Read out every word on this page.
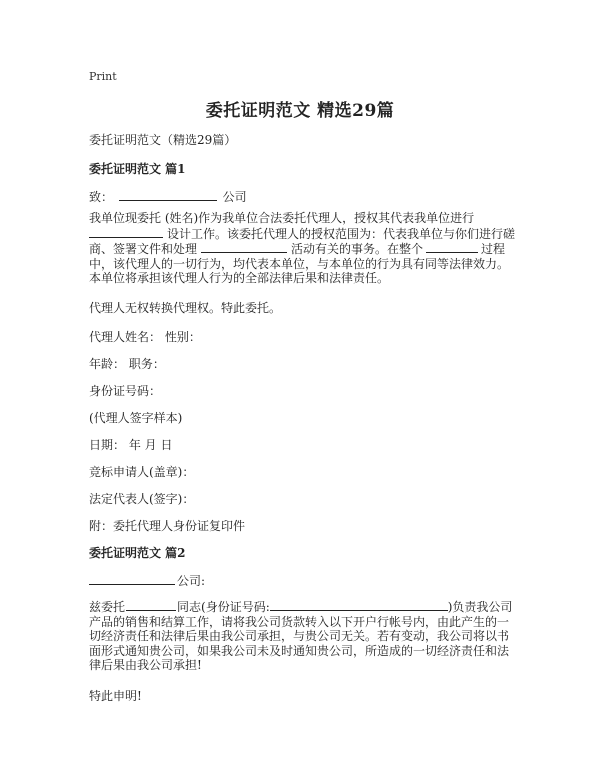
Print
委托证明范文 精选29篇
委托证明范文（精选29篇）
委托证明范文 篇1
致：	公司
我单位现委托 (姓名)作为我单位合法委托代理人，授权其代表我单位进行
设计工作。该委托代理人的授权范围为：代表我单位与你们进行磋商、签署文件和处理	活动有关的事务。在整个	过程中，该代理人的一切行为，均代表本单位，与本单位的行为具有同等法律效力。本单位将承担该代理人行为的全部法律后果和法律责任。
代理人无权转换代理权。特此委托。
代理人姓名： 性别：
年龄： 职务：
身份证号码：
(代理人签字样本)
日期： 年 月 日
竞标申请人(盖章)：
法定代表人(签字)：
附：委托代理人身份证复印件
委托证明范文 篇2
公司:
兹委托	同志(身份证号码:	)负责我公司产品的销售和结算工作，请将我公司货款转入以下开户行帐号内，由此产生的一切经济责任和法律后果由我公司承担，与贵公司无关。若有变动，我公司将以书面形式通知贵公司，如果我公司未及时通知贵公司，所造成的一切经济责任和法律后果由我公司承担!
特此申明!
